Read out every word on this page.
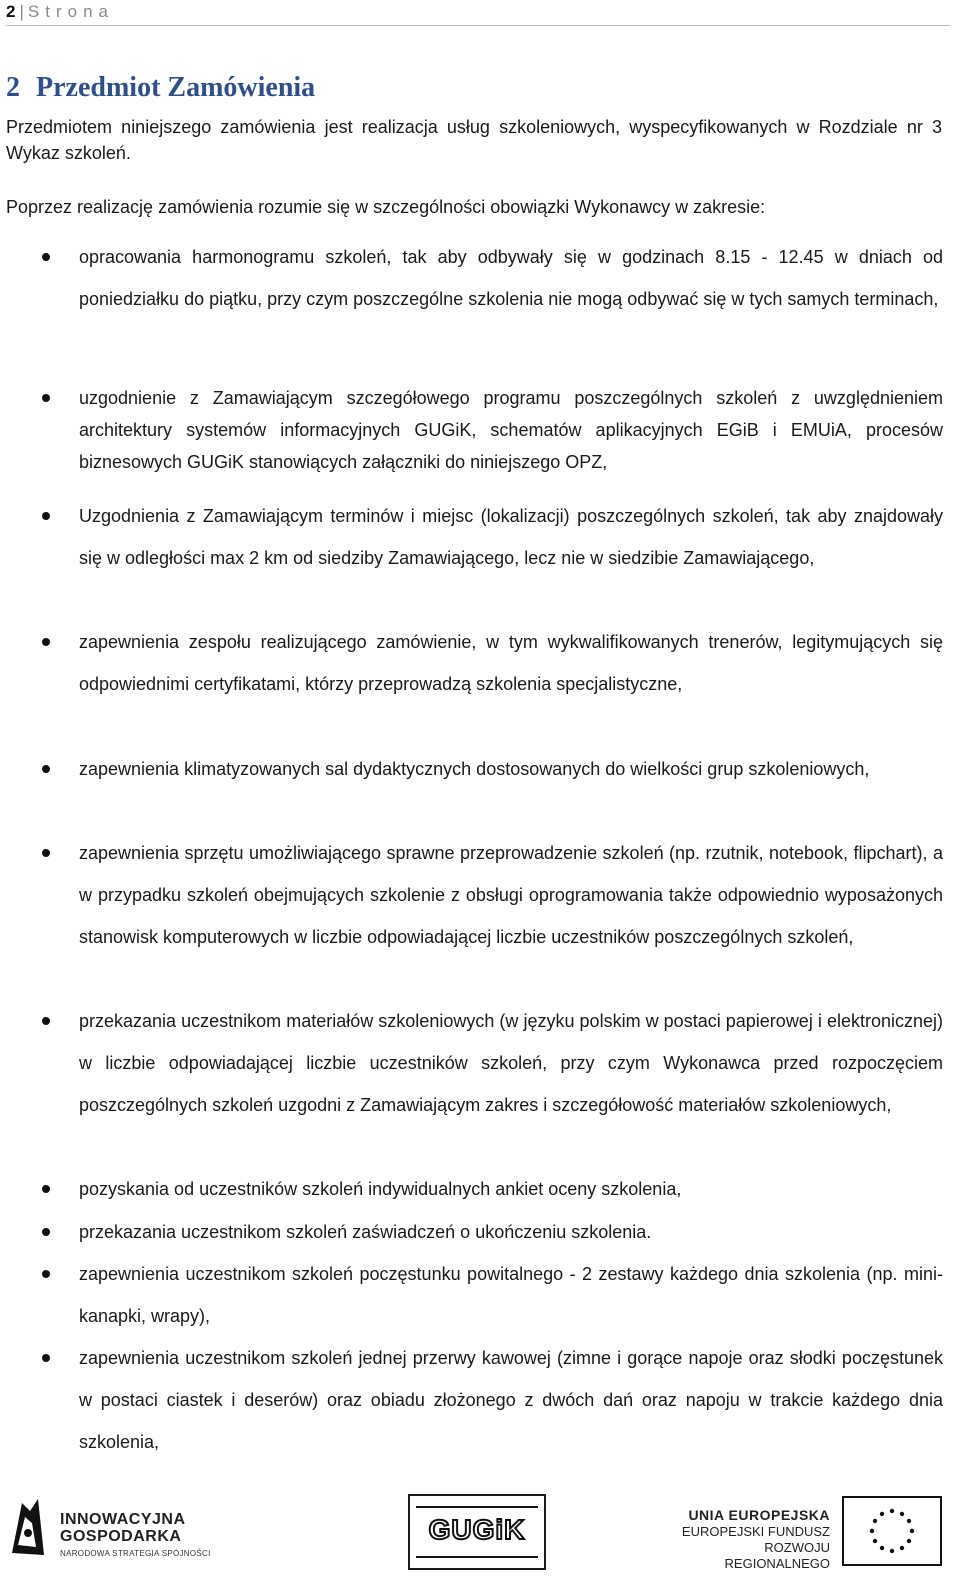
2 | Strona
2 Przedmiot Zamówienia
Przedmiotem niniejszego zamówienia jest realizacja usług szkoleniowych, wyspecyfikowanych w Rozdziale nr 3 Wykaz szkoleń.
Poprzez realizację zamówienia rozumie się w szczególności obowiązki Wykonawcy w zakresie:
opracowania harmonogramu szkoleń, tak aby odbywały się w godzinach 8.15 - 12.45 w dniach od poniedziałku do piątku, przy czym poszczególne szkolenia nie mogą odbywać się w tych samych terminach,
uzgodnienie z Zamawiającym szczegółowego programu poszczególnych szkoleń z uwzględnieniem architektury systemów informacyjnych GUGiK, schematów aplikacyjnych EGiB i EMUiA, procesów biznesowych GUGiK stanowiących załączniki do niniejszego OPZ,
Uzgodnienia z Zamawiającym terminów i miejsc (lokalizacji) poszczególnych szkoleń, tak aby znajdowały się w odległości max 2 km od siedziby Zamawiającego, lecz nie w siedzibie Zamawiającego,
zapewnienia zespołu realizującego zamówienie, w tym wykwalifikowanych trenerów, legitymujących się odpowiednimi certyfikatami, którzy przeprowadzą szkolenia specjalistyczne,
zapewnienia klimatyzowanych sal dydaktycznych dostosowanych do wielkości grup szkoleniowych,
zapewnienia sprzętu umożliwiającego sprawne przeprowadzenie szkoleń (np. rzutnik, notebook, flipchart), a w przypadku szkoleń obejmujących szkolenie z obsługi oprogramowania także odpowiednio wyposażonych stanowisk komputerowych w liczbie odpowiadającej liczbie uczestników poszczególnych szkoleń,
przekazania uczestnikom materiałów szkoleniowych (w języku polskim w postaci papierowej i elektronicznej) w liczbie odpowiadającej liczbie uczestników szkoleń, przy czym Wykonawca przed rozpoczęciem poszczególnych szkoleń uzgodni z Zamawiającym zakres i szczegółowość materiałów szkoleniowych,
pozyskania od uczestników szkoleń indywidualnych ankiet oceny szkolenia,
przekazania uczestnikom szkoleń zaświadczeń o ukończeniu szkolenia.
zapewnienia uczestnikom szkoleń poczęstunku powitalnego - 2 zestawy każdego dnia szkolenia (np. mini-kanapki, wrapy),
zapewnienia uczestnikom szkoleń jednej przerwy kawowej (zimne i gorące napoje oraz słodki poczęstunek w postaci ciastek i deserów) oraz obiadu złożonego z dwóch dań oraz napoju w trakcie każdego dnia szkolenia,
INNOWACYJNA
GOSPODARKA
NARODOWA STRATEGIA SPÓJNOŚCI
GUGiK	UNIA EUROPEJSKA
EUROPEJSKI FUNDUSZ
ROZWOJU REGIONALNEGO
